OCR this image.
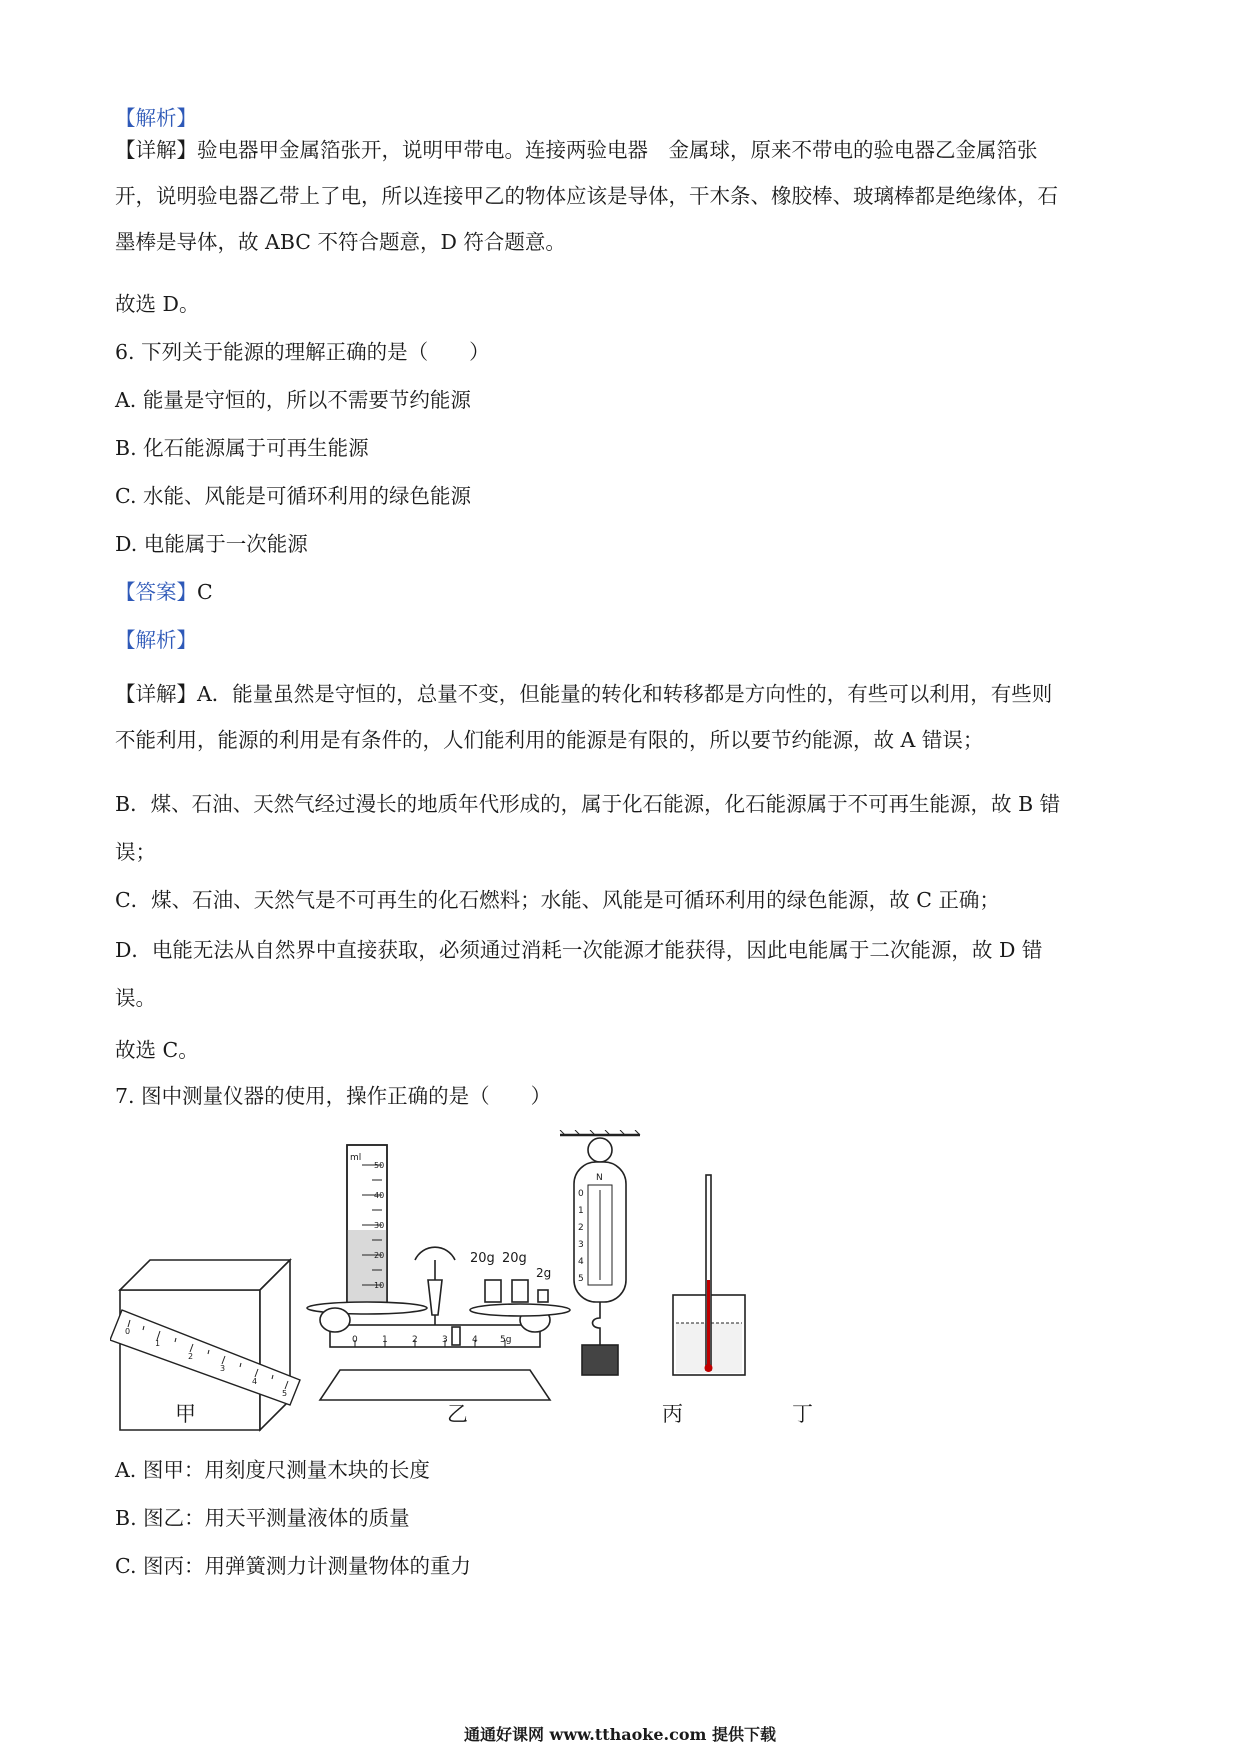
【解析】
【详解】验电器甲金属箔张开，说明甲带电。连接两验电器　金属球，原来不带电的验电器乙金属箔张
开，说明验电器乙带上了电，所以连接甲乙的物体应该是导体，干木条、橡胶棒、玻璃棒都是绝缘体，石
墨棒是导体，故 ABC 不符合题意，D 符合题意。
故选 D。
6. 下列关于能源的理解正确的是（　　）
A. 能量是守恒的，所以不需要节约能源
B. 化石能源属于可再生能源
C. 水能、风能是可循环利用的绿色能源
D. 电能属于一次能源
【答案】C
【解析】
【详解】A．能量虽然是守恒的，总量不变，但能量的转化和转移都是方向性的，有些可以利用，有些则
不能利用，能源的利用是有条件的，人们能利用的能源是有限的，所以要节约能源，故 A 错误；
B．煤、石油、天然气经过漫长的地质年代形成的，属于化石能源，化石能源属于不可再生能源，故 B 错
误；
C．煤、石油、天然气是不可再生的化石燃料；水能、风能是可循环利用的绿色能源，故 C 正确；
D．电能无法从自然界中直接获取，必须通过消耗一次能源才能获得，因此电能属于二次能源，故 D 错
误。
故选 C。
7. 图中测量仪器的使用，操作正确的是（　　）
ml
50
40
30
20
10
20g 20g
2g
0	1	2	3	4 5g
0
1
2
3
4
5
N
0
1
2
3
4
5
甲	乙	丙	丁
A. 图甲：用刻度尺测量木块的长度
B. 图乙：用天平测量液体的质量
C. 图丙：用弹簧测力计测量物体的重力
通通好课网 www.tthaoke.com 提供下载
